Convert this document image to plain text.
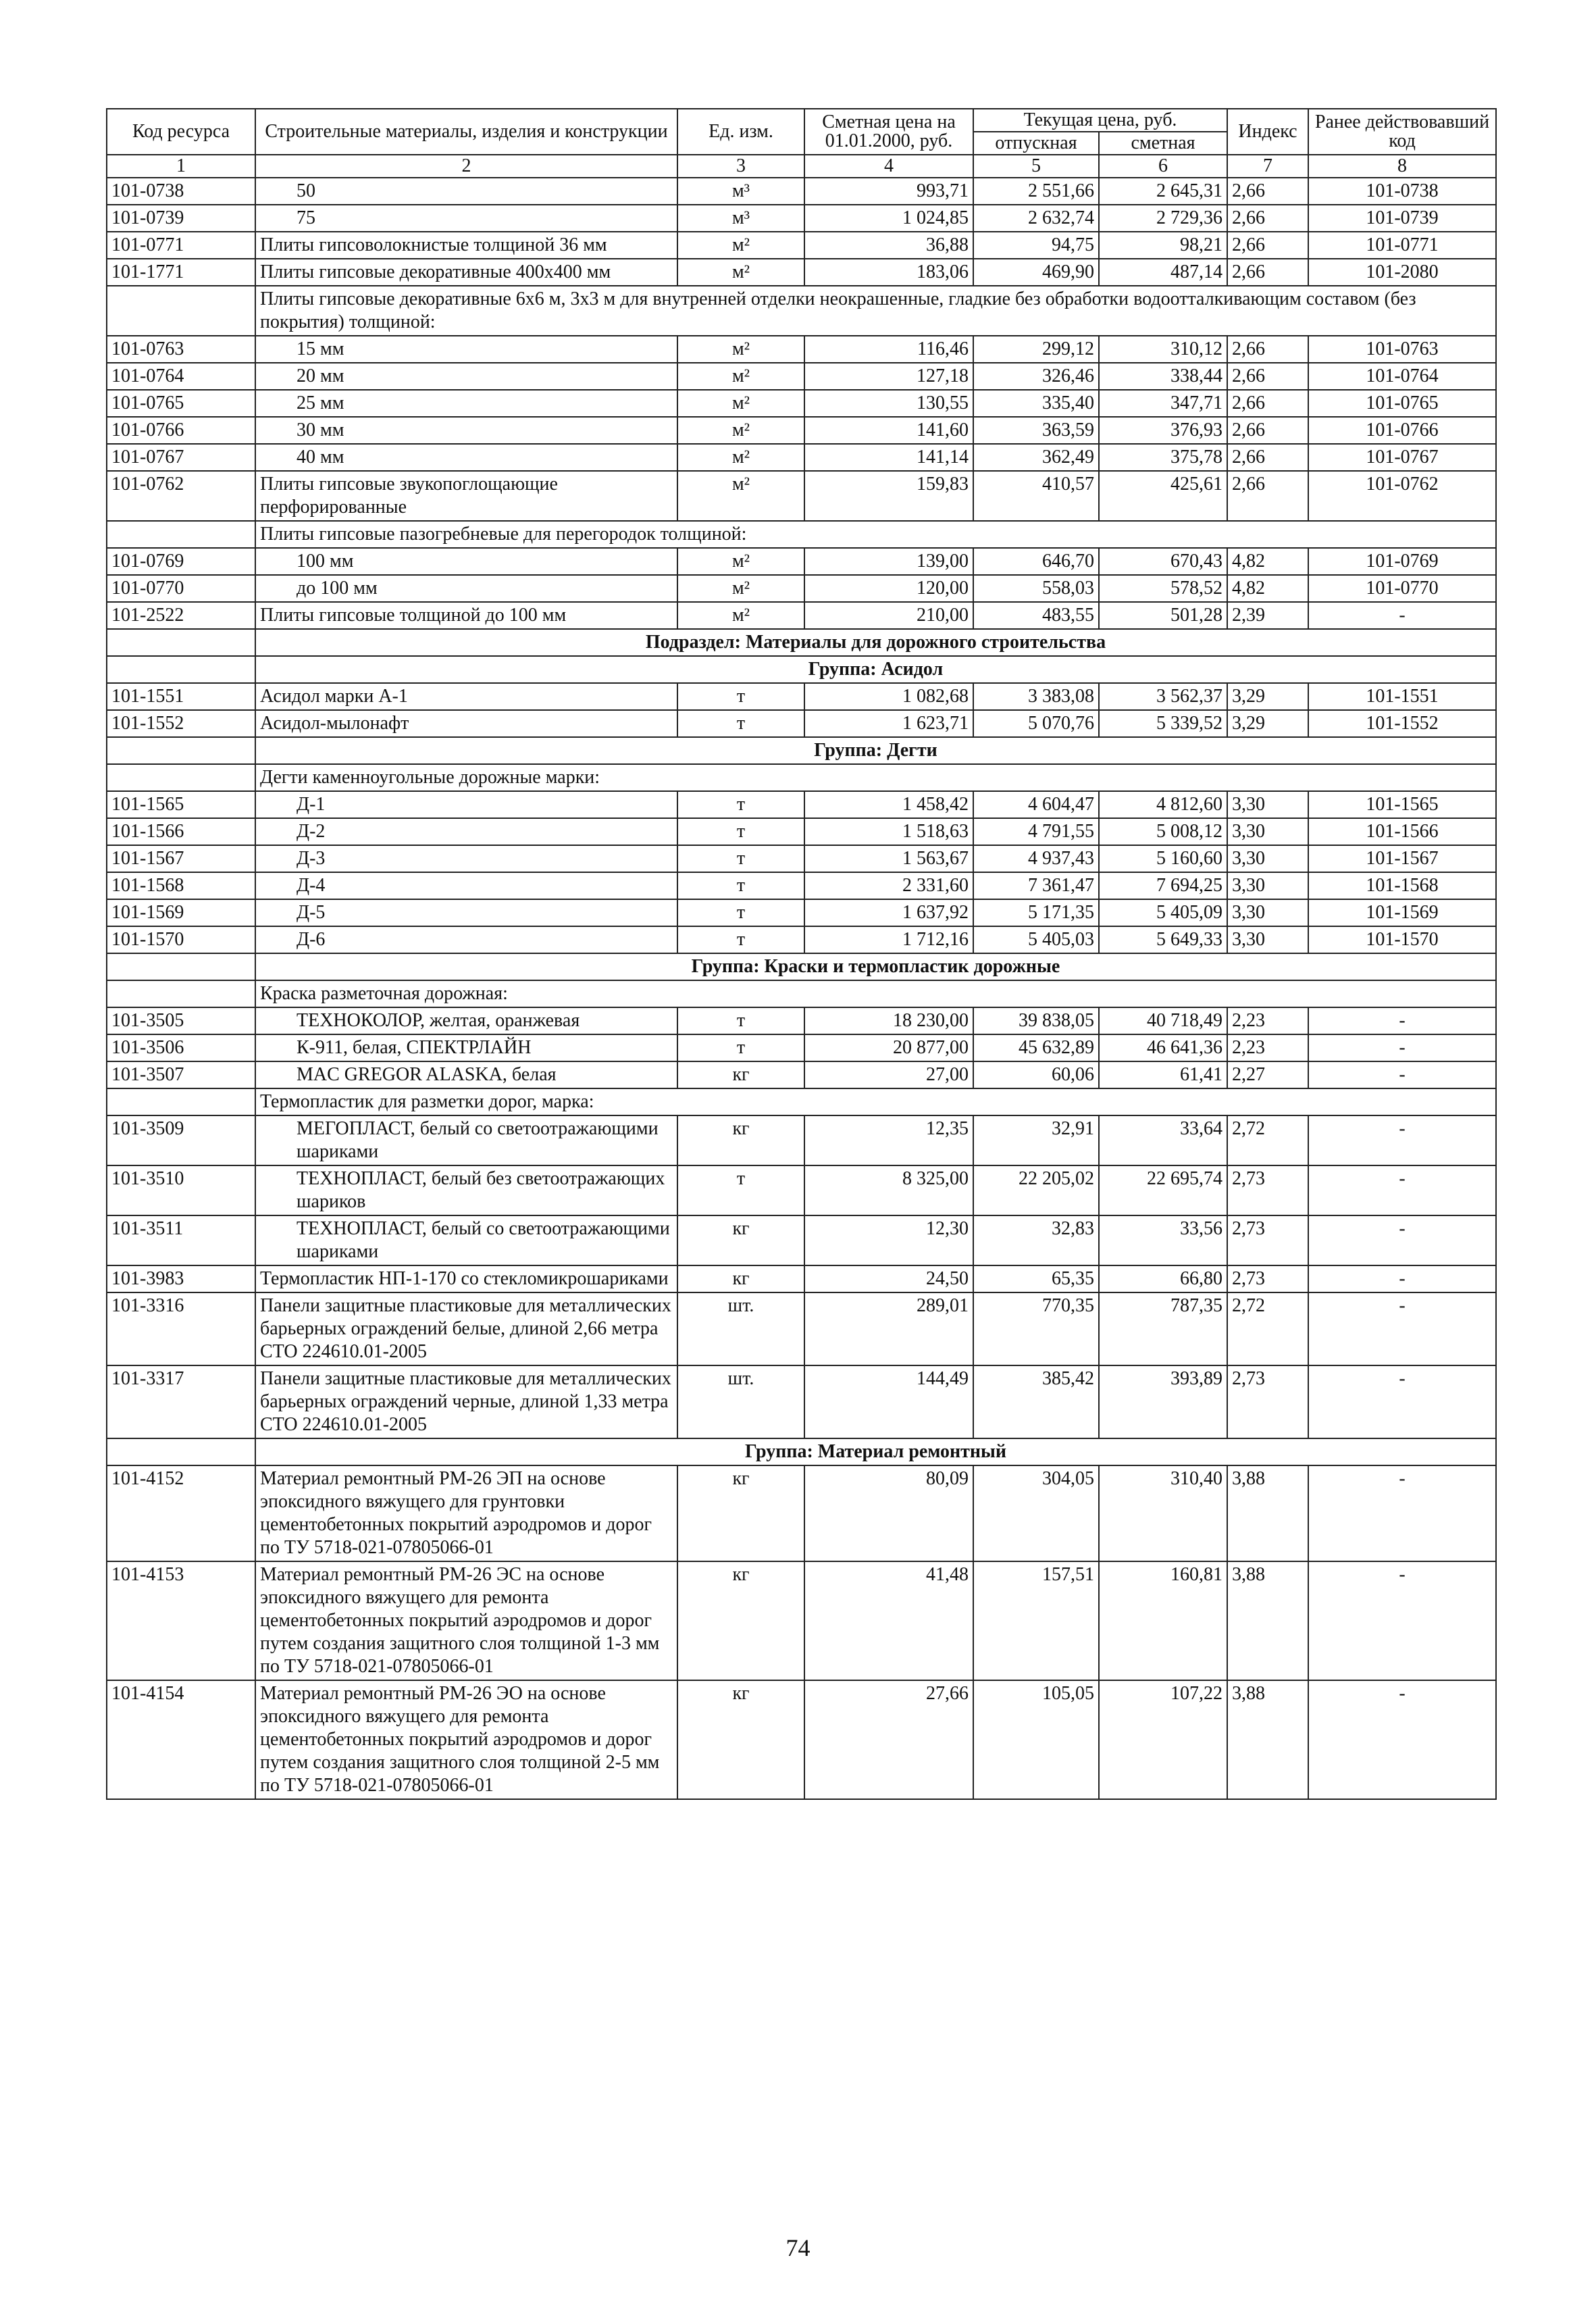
Код ресурса	Строительные материалы, изделия и конструкции	Ед. изм.	Сметная цена на 01.01.2000, руб.	Текущая цена, руб.		Индекс	Ранее действовавший код
				отпускная	сметная		
1	2	3	4	5	6	7	8
101-0738	50	м³	993,71	2 551,66	2 645,31	2,66	101-0738
101-0739	75	м³	1 024,85	2 632,74	2 729,36	2,66	101-0739
101-0771	Плиты гипсоволокнистые толщиной 36 мм	м²	36,88	94,75	98,21	2,66	101-0771
101-1771	Плиты гипсовые декоративные 400х400 мм	м²	183,06	469,90	487,14	2,66	101-2080
	Плиты гипсовые декоративные 6х6 м, 3х3 м для внутренней отделки неокрашенные, гладкие без обработки водоотталкивающим составом (без покрытия) толщиной:						
101-0763	15 мм	м²	116,46	299,12	310,12	2,66	101-0763
101-0764	20 мм	м²	127,18	326,46	338,44	2,66	101-0764
101-0765	25 мм	м²	130,55	335,40	347,71	2,66	101-0765
101-0766	30 мм	м²	141,60	363,59	376,93	2,66	101-0766
101-0767	40 мм	м²	141,14	362,49	375,78	2,66	101-0767
101-0762	Плиты гипсовые звукопоглощающие перфорированные	м²	159,83	410,57	425,61	2,66	101-0762
	Плиты гипсовые пазогребневые для перегородок толщиной:						
101-0769	100 мм	м²	139,00	646,70	670,43	4,82	101-0769
101-0770	до 100 мм	м²	120,00	558,03	578,52	4,82	101-0770
101-2522	Плиты гипсовые толщиной до 100 мм	м²	210,00	483,55	501,28	2,39	-
	Подраздел: Материалы для дорожного строительства						
	Группа: Асидол						
101-1551	Асидол марки А-1	т	1 082,68	3 383,08	3 562,37	3,29	101-1551
101-1552	Асидол-мылонафт	т	1 623,71	5 070,76	5 339,52	3,29	101-1552
	Группа: Дегти						
	Дегти каменноугольные дорожные марки:						
101-1565	Д-1	т	1 458,42	4 604,47	4 812,60	3,30	101-1565
101-1566	Д-2	т	1 518,63	4 791,55	5 008,12	3,30	101-1566
101-1567	Д-3	т	1 563,67	4 937,43	5 160,60	3,30	101-1567
101-1568	Д-4	т	2 331,60	7 361,47	7 694,25	3,30	101-1568
101-1569	Д-5	т	1 637,92	5 171,35	5 405,09	3,30	101-1569
101-1570	Д-6	т	1 712,16	5 405,03	5 649,33	3,30	101-1570
	Группа: Краски и термопластик дорожные						
	Краска разметочная дорожная:						
101-3505	ТЕХНОКОЛОР, желтая, оранжевая	т	18 230,00	39 838,05	40 718,49	2,23	-
101-3506	К-911, белая, СПЕКТРЛАЙН	т	20 877,00	45 632,89	46 641,36	2,23	-
101-3507	MAC GREGOR ALASKA, белая	кг	27,00	60,06	61,41	2,27	-
	Термопластик для разметки дорог, марка:						
101-3509	МЕГОПЛАСТ, белый со светоотражающими шариками	кг	12,35	32,91	33,64	2,72	-
101-3510	ТЕХНОПЛАСТ, белый без светоотражающих шариков	т	8 325,00	22 205,02	22 695,74	2,73	-
101-3511	ТЕХНОПЛАСТ, белый со светоотражающими шариками	кг	12,30	32,83	33,56	2,73	-
101-3983	Термопластик НП-1-170 со стекломикрошариками	кг	24,50	65,35	66,80	2,73	-
101-3316	Панели защитные пластиковые для металлических барьерных ограждений белые, длиной 2,66 метра СТО 224610.01-2005	шт.	289,01	770,35	787,35	2,72	-
101-3317	Панели защитные пластиковые для металлических барьерных ограждений черные, длиной 1,33 метра СТО 224610.01-2005	шт.	144,49	385,42	393,89	2,73	-
	Группа: Материал ремонтный						
101-4152	Материал ремонтный РМ-26 ЭП на основе эпоксидного вяжущего для грунтовки цементобетонных покрытий аэродромов и дорог по ТУ 5718-021-07805066-01	кг	80,09	304,05	310,40	3,88	-
101-4153	Материал ремонтный РМ-26 ЭС на основе эпоксидного вяжущего для ремонта цементобетонных покрытий аэродромов и дорог путем создания защитного слоя толщиной 1-3 мм по ТУ 5718-021-07805066-01	кг	41,48	157,51	160,81	3,88	-
101-4154	Материал ремонтный РМ-26 ЭО на основе эпоксидного вяжущего для ремонта цементобетонных покрытий аэродромов и дорог путем создания защитного слоя толщиной 2-5 мм по ТУ 5718-021-07805066-01	кг	27,66	105,05	107,22	3,88	-
74
